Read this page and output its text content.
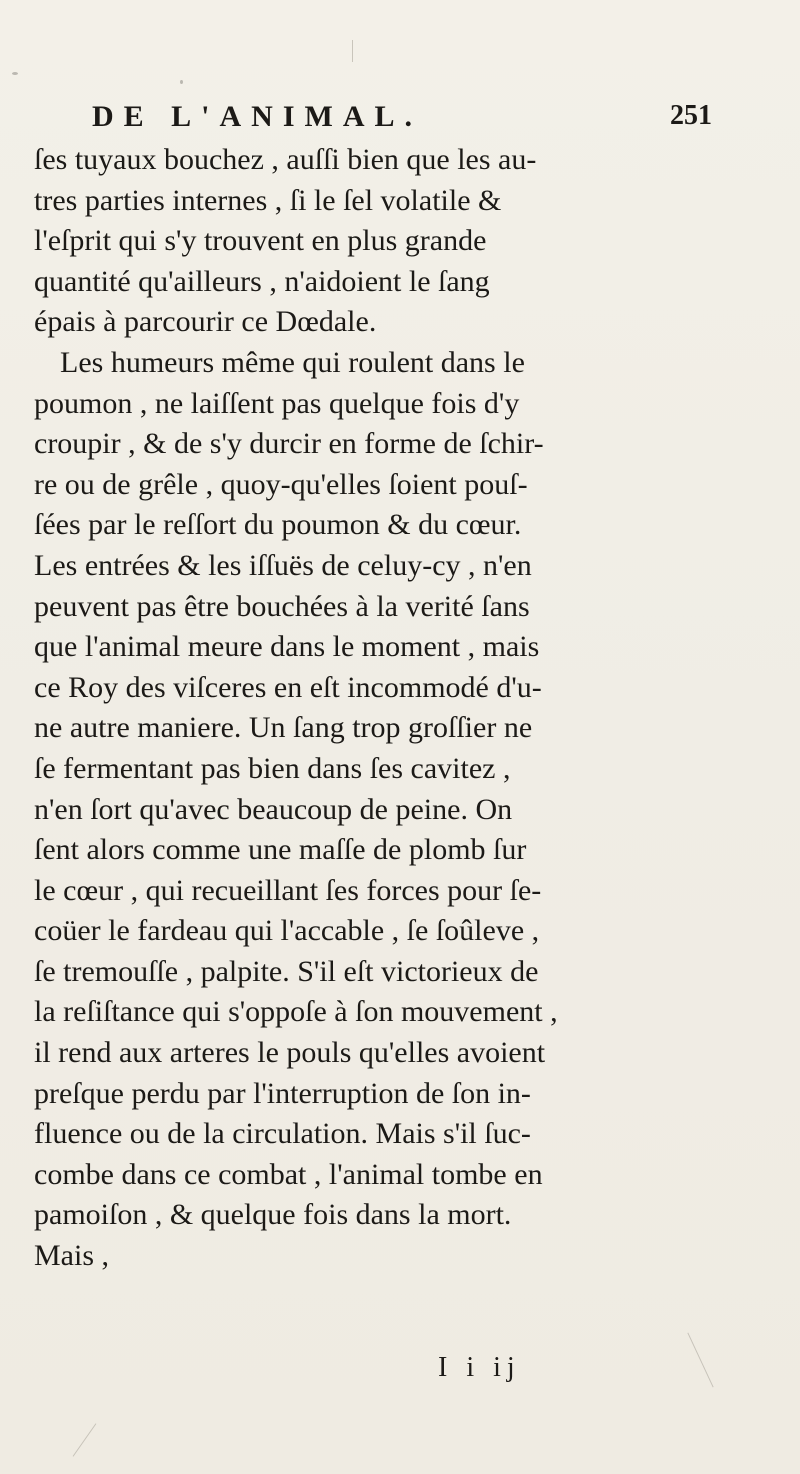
DE L'ANIMAL.	251
ſes tuyaux bouchez , auſſi bien que les au-
tres parties internes , ſi le ſel volatile &
l'eſprit qui s'y trouvent en plus grande
quantité qu'ailleurs , n'aidoient le ſang
épais à parcourir ce Dœdale.
Les humeurs même qui roulent dans le
poumon , ne laiſſent pas quelque fois d'y
croupir , & de s'y durcir en forme de ſchir-
re ou de grêle , quoy-qu'elles ſoient pouſ-
ſées par le reſſort du poumon & du cœur.
Les entrées & les iſſuës de celuy-cy , n'en
peuvent pas être bouchées à la verité ſans
que l'animal meure dans le moment , mais
ce Roy des viſceres en eſt incommodé d'u-
ne autre maniere. Un ſang trop groſſier ne
ſe fermentant pas bien dans ſes cavitez ,
n'en ſort qu'avec beaucoup de peine. On
ſent alors comme une maſſe de plomb ſur
le cœur , qui recueillant ſes forces pour ſe-
coüer le fardeau qui l'accable , ſe ſoûleve ,
ſe tremouſſe , palpite. S'il eſt victorieux de
la reſiſtance qui s'oppoſe à ſon mouvement ,
il rend aux arteres le pouls qu'elles avoient
preſque perdu par l'interruption de ſon in-
fluence ou de la circulation. Mais s'il ſuc-
combe dans ce combat , l'animal tombe en
pamoiſon , & quelque fois dans la mort.
Mais ,
I i ij
